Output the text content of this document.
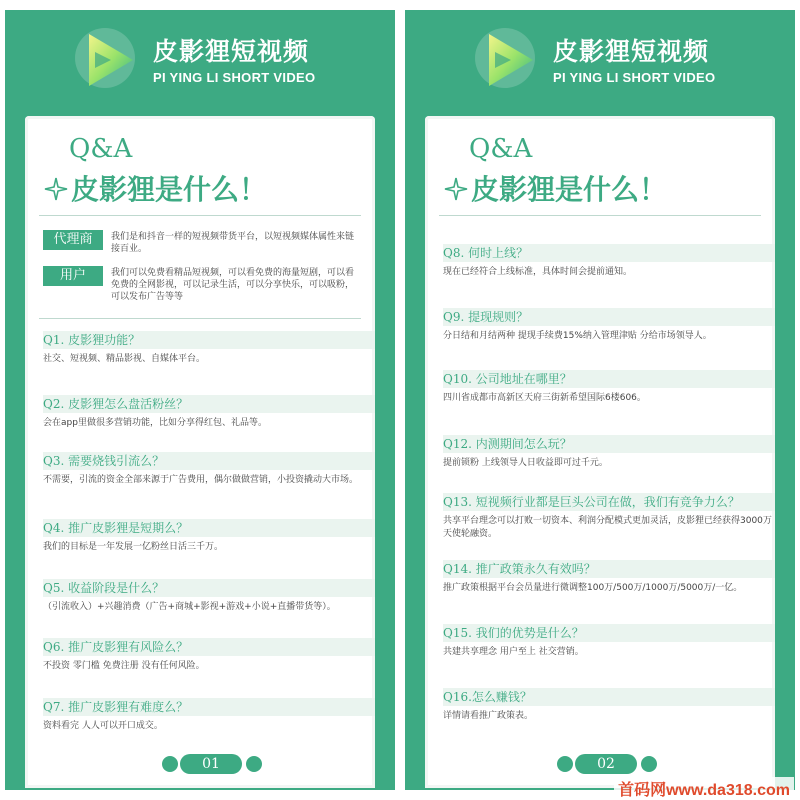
皮影狸短视频
PI YING LI SHORT VIDEO
Q&A
皮影狸是什么！
代理商	我们是和抖音一样的短视频带货平台，以短视频媒体属性来链接百业。
用户	我们可以免费看精品短视频，可以看免费的海量短剧，可以看免费的全网影视，可以记录生活，可以分享快乐，可以吸粉，可以发布广告等等
Q1. 皮影狸功能？
社交、短视频、精品影视、自媒体平台。
Q2. 皮影狸怎么盘活粉丝？
会在app里做很多营销功能，比如分享得红包、礼品等。
Q3. 需要烧钱引流么？
不需要，引流的资金全部来源于广告费用，偶尔做做营销，小投资撬动大市场。
Q4. 推广皮影狸是短期么？
我们的目标是一年发展一亿粉丝日活三千万。
Q5. 收益阶段是什么？
（引流收入）+兴趣消费（广告+商城+影视+游戏+小说+直播带货等）。
Q6. 推广皮影狸有风险么？
不投资 零门槛 免费注册 没有任何风险。
Q7. 推广皮影狸有难度么？
资料看完 人人可以开口成交。
01
皮影狸短视频
PI YING LI SHORT VIDEO
Q&A
皮影狸是什么！
Q8. 何时上线？
现在已经符合上线标准，具体时间会提前通知。
Q9. 提现规则？
分日结和月结两种 提现手续费15%纳入管理津贴 分给市场领导人。
Q10. 公司地址在哪里？
四川省成都市高新区天府三街新希望国际6楼606。
Q12. 内测期间怎么玩？
提前锁粉 上线领导人日收益即可过千元。
Q13. 短视频行业都是巨头公司在做，我们有竞争力么？
共享平台理念可以打败一切资本、利润分配模式更加灵活，皮影狸已经获得3000万天使轮融资。
Q14. 推广政策永久有效吗？
推广政策根据平台会员量进行微调整100万/500万/1000万/5000万/一亿。
Q15. 我们的优势是什么？
共建共享理念 用户至上 社交营销。
Q16.怎么赚钱？
详情请看推广政策表。
02
首码网www.da318.com
